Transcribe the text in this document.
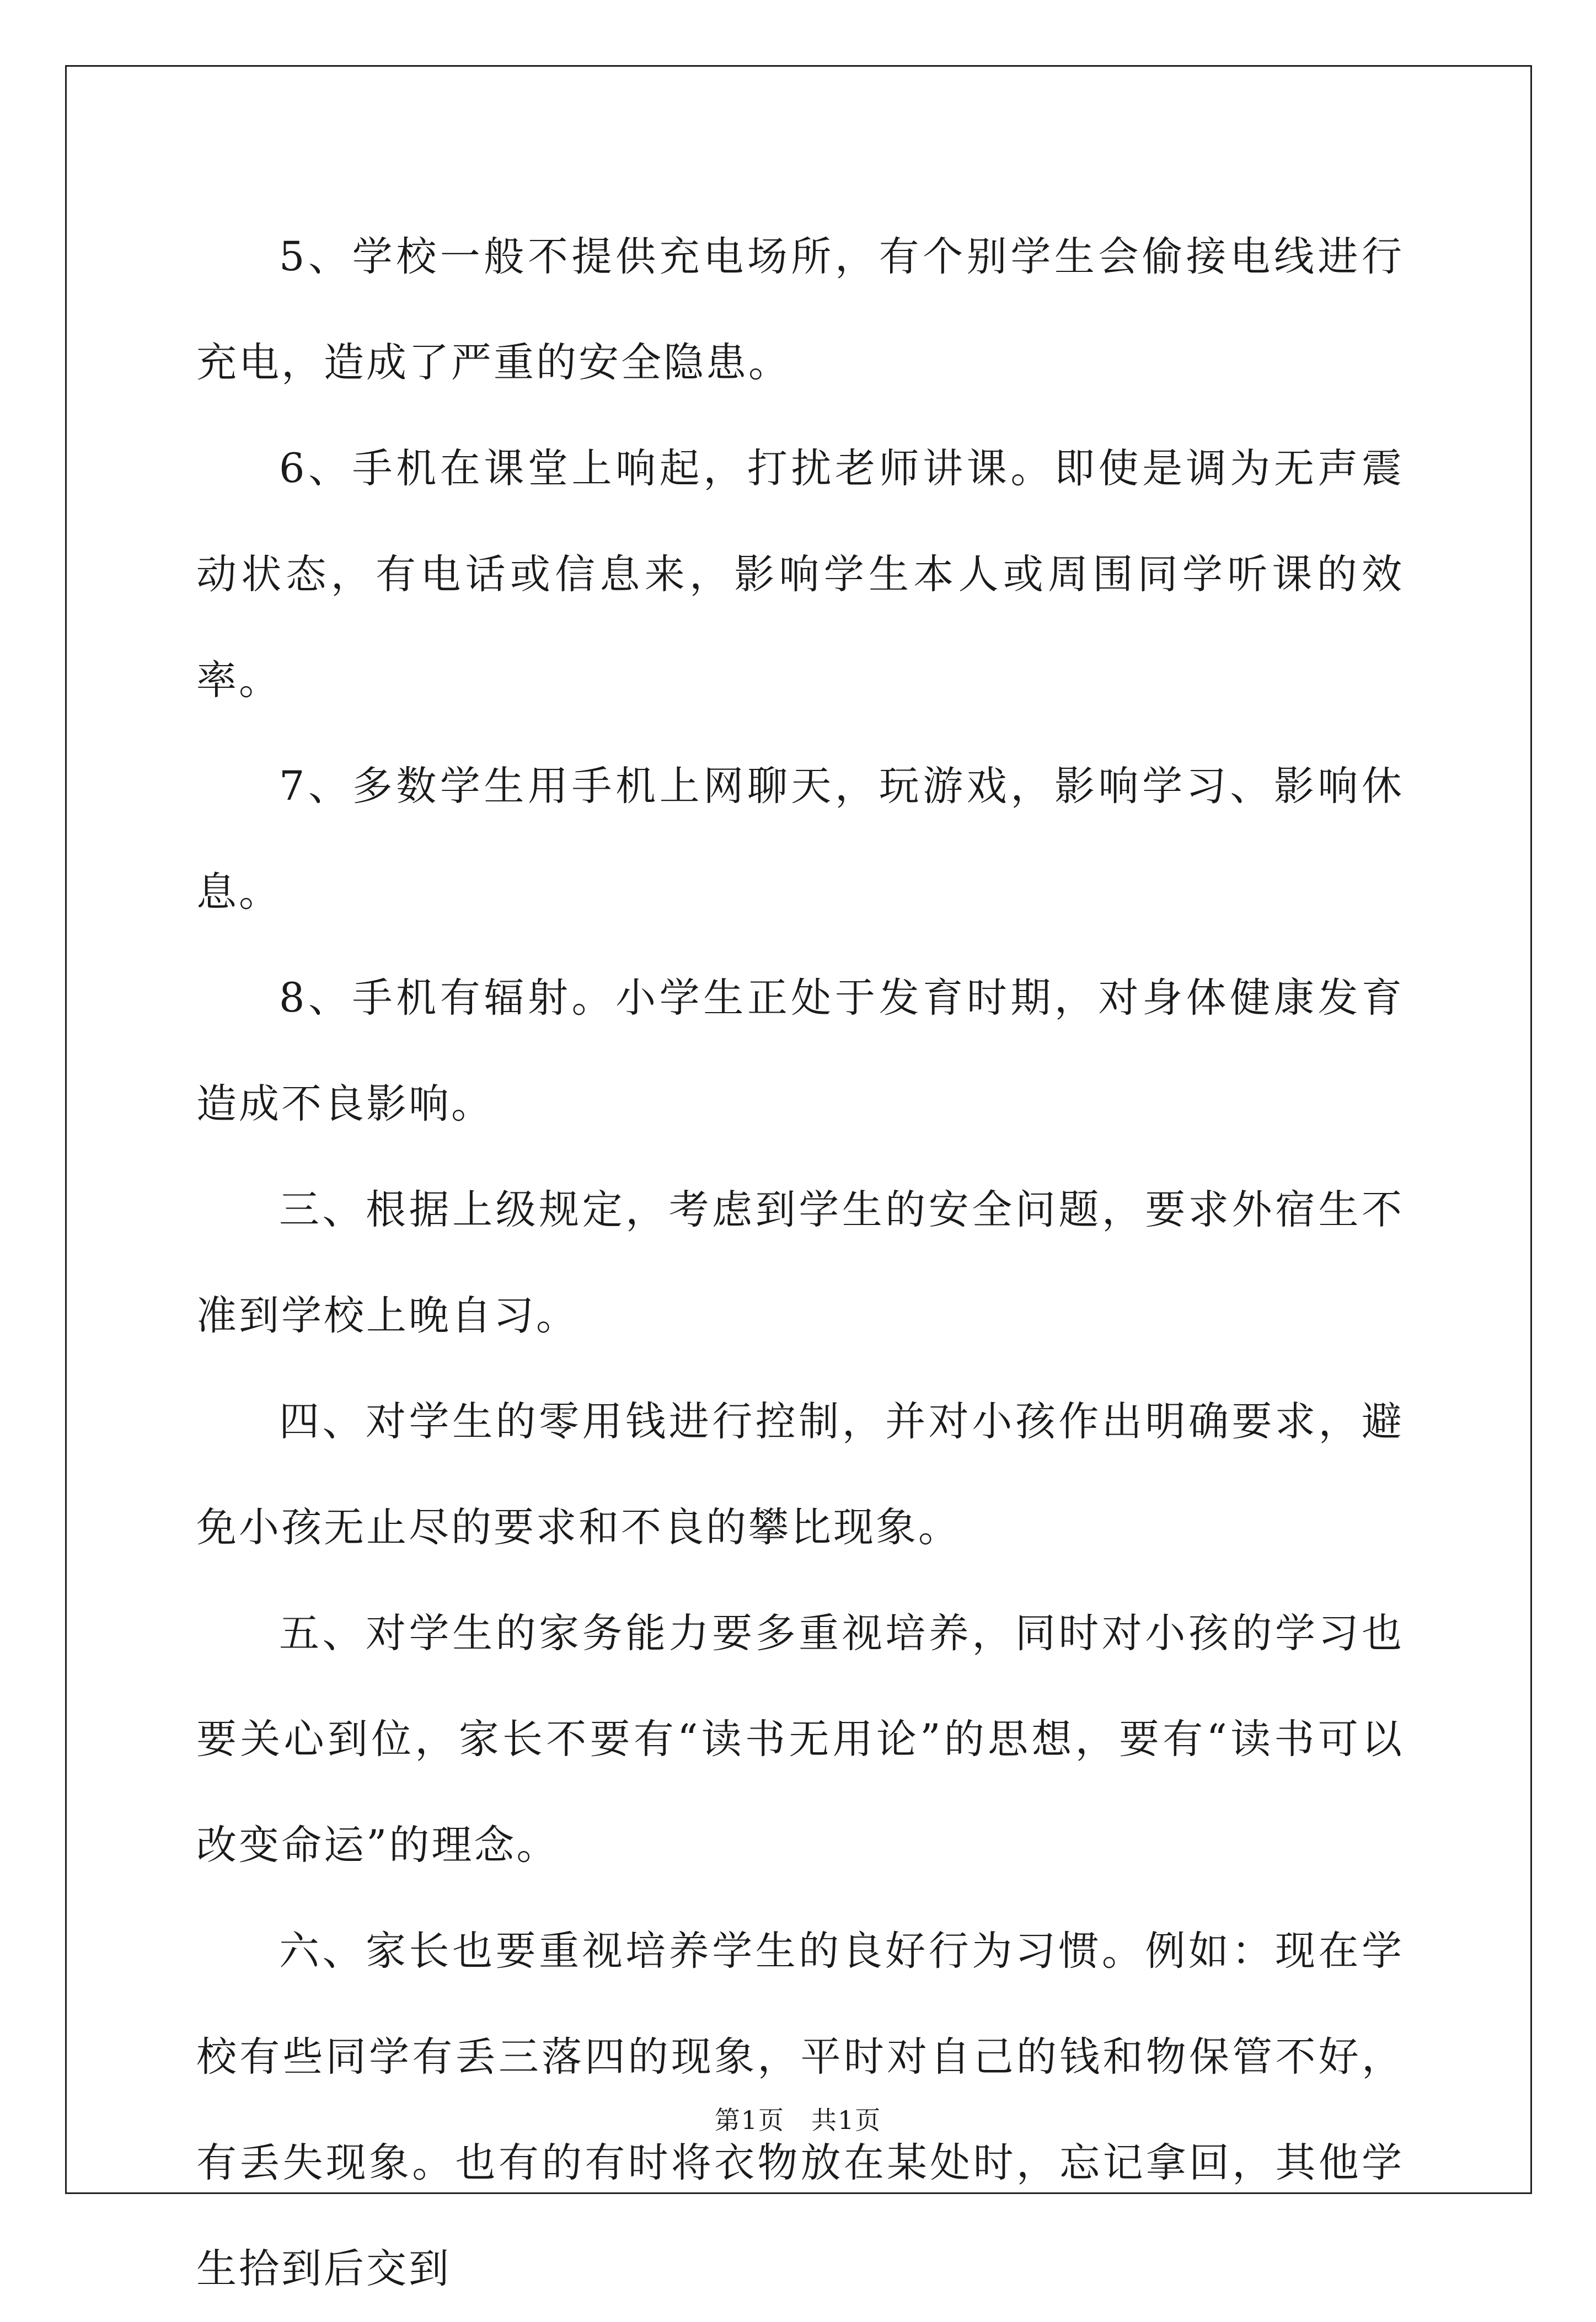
5、学校一般不提供充电场所，有个别学生会偷接电线进行充电，造成了严重的安全隐患。

6、手机在课堂上响起，打扰老师讲课。即使是调为无声震动状态，有电话或信息来，影响学生本人或周围同学听课的效率。

7、多数学生用手机上网聊天，玩游戏，影响学习、影响休息。

8、手机有辐射。小学生正处于发育时期，对身体健康发育造成不良影响。

三、根据上级规定，考虑到学生的安全问题，要求外宿生不准到学校上晚自习。

四、对学生的零用钱进行控制，并对小孩作出明确要求，避免小孩无止尽的要求和不良的攀比现象。

五、对学生的家务能力要多重视培养，同时对小孩的学习也要关心到位，家长不要有“读书无用论”的思想，要有“读书可以改变命运”的理念。

六、家长也要重视培养学生的良好行为习惯。例如：现在学校有些同学有丢三落四的现象，平时对自己的钱和物保管不好，有丢失现象。也有的有时将衣物放在某处时，忘记拿回，其他学生拾到后交到

第1页　共1页
